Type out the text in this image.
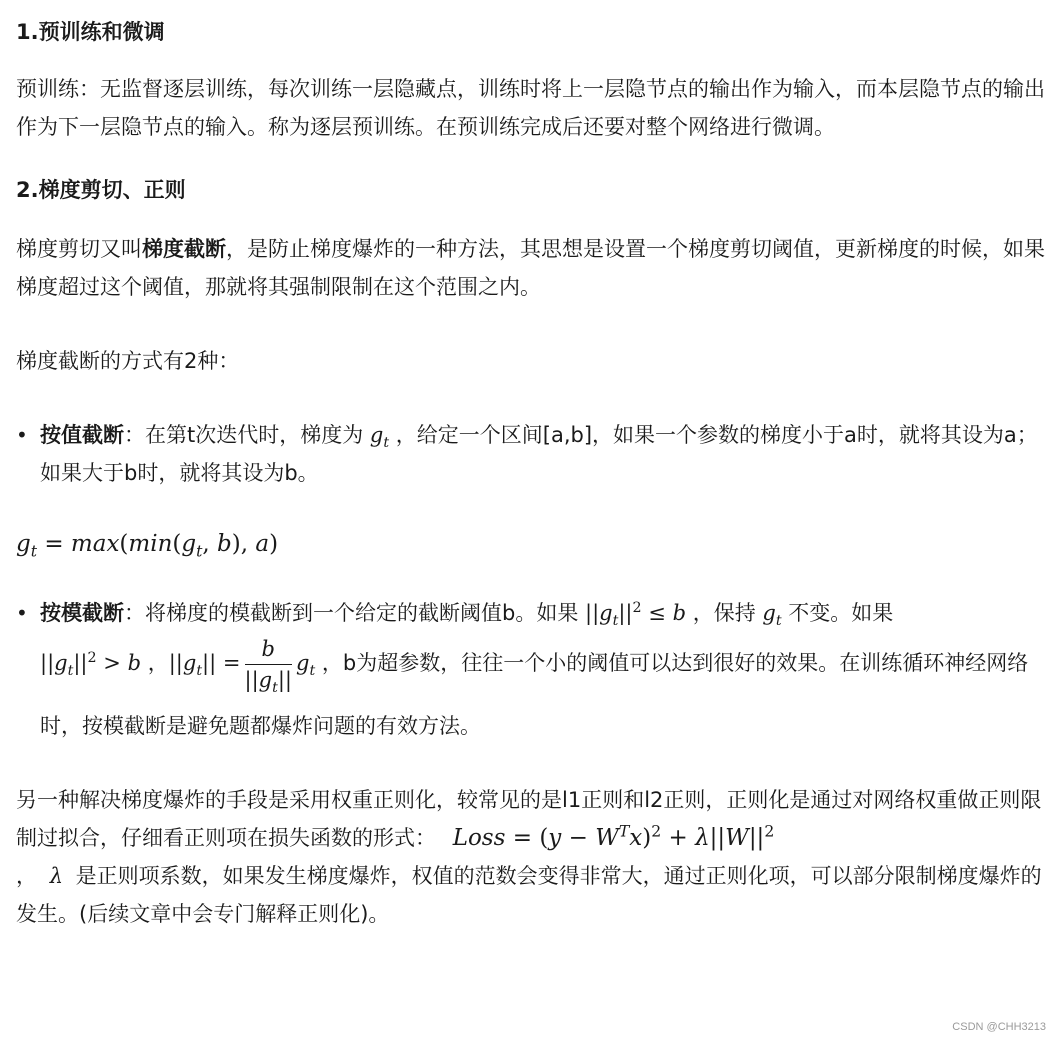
1.预训练和微调

预训练：无监督逐层训练，每次训练一层隐藏点，训练时将上一层隐节点的输出作为输入，而本层隐节点的输出作为下一层隐节点的输入。称为逐层预训练。在预训练完成后还要对整个网络进行微调。

2.梯度剪切、正则

梯度剪切又叫梯度截断，是防止梯度爆炸的一种方法，其思想是设置一个梯度剪切阈值，更新梯度的时候，如果梯度超过这个阈值，那就将其强制限制在这个范围之内。

梯度截断的方式有2种：

• 按值截断：在第t次迭代时，梯度为 $g_t$ ，给定一个区间[a,b]，如果一个参数的梯度小于a时，就将其设为a；如果大于b时，就将其设为b。

$g_t = \max(\min(g_t$, b), a)

• 按模截断：将梯度的模截断到一个给定的截断阈值b。如果 $||g_t||^2 \le b$ ，保持 $g_t$ 不变。如果
$||g_t||^2 > b$ ，$||g_t|| = \frac{b}{||g_t||} g_t$ ，b为超参数，往往一个小的阈值可以达到很好的效果。在训练循环神经网络时，按模截断是避免题都爆炸问题的有效方法。

另一种解决梯度爆炸的手段是采用权重正则化，较常见的是l1正则和l2正则，正则化是通过对网络权重做正则限制过拟合，仔细看正则项在损失函数的形式： Loss = $(y - W^Tx)^2 + \lambda||W||^2$
， λ 是正则项系数，如果发生梯度爆炸，权值的范数会变得非常大，通过正则化项，可以部分限制梯度爆炸的发生。(后续文章中会专门解释正则化)。

CSDN @CHH3213
